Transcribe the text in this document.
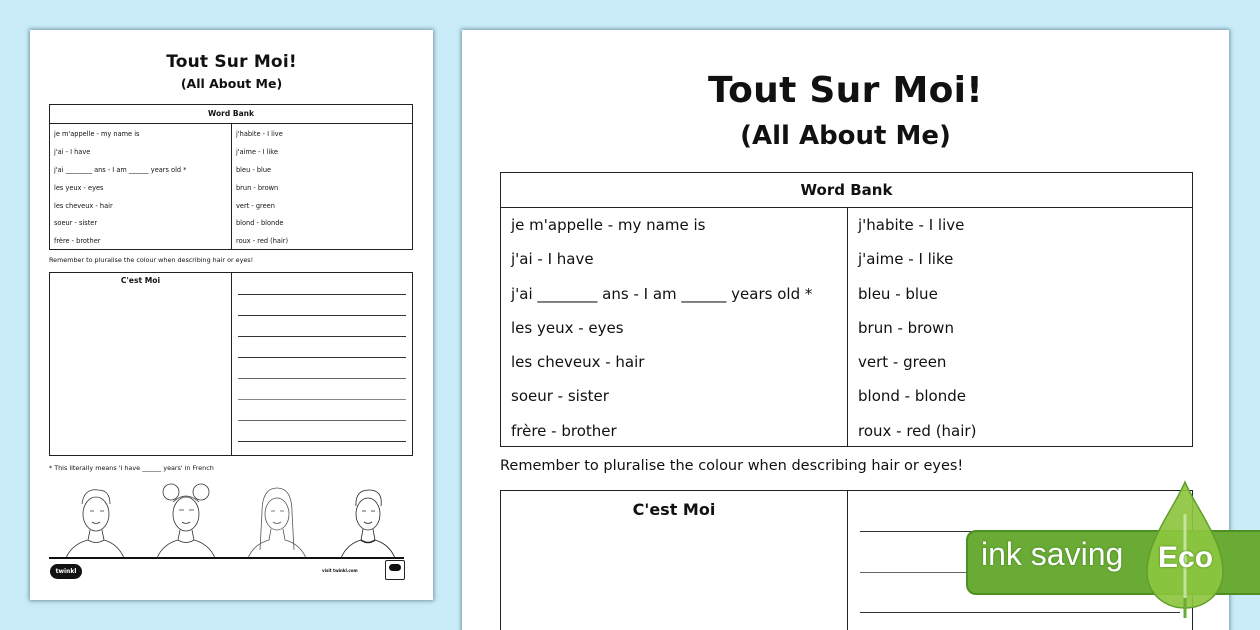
Tout Sur Moi!
(All About Me)
Word Bank
je m'appelle - my name is
j'ai - I have
j'ai ________ ans - I am ______ years old *
les yeux - eyes
les cheveux - hair
soeur - sister
frère - brother
j'habite - I live
j'aime - I like
bleu - blue
brun - brown
vert - green
blond - blonde
roux - red (hair)
Remember to pluralise the colour when describing hair or eyes!
C'est Moi
* This literally means 'I have ______ years' in French
twinkl	visit twinkl.com
Tout Sur Moi!
(All About Me)
Word Bank
je m'appelle - my name is
j'ai - I have
j'ai ________ ans - I am ______ years old *
les yeux - eyes
les cheveux - hair
soeur - sister
frère - brother
j'habite - I live
j'aime - I like
bleu - blue
brun - brown
vert - green
blond - blonde
roux - red (hair)
Remember to pluralise the colour when describing hair or eyes!
C'est Moi
ink saving Eco
